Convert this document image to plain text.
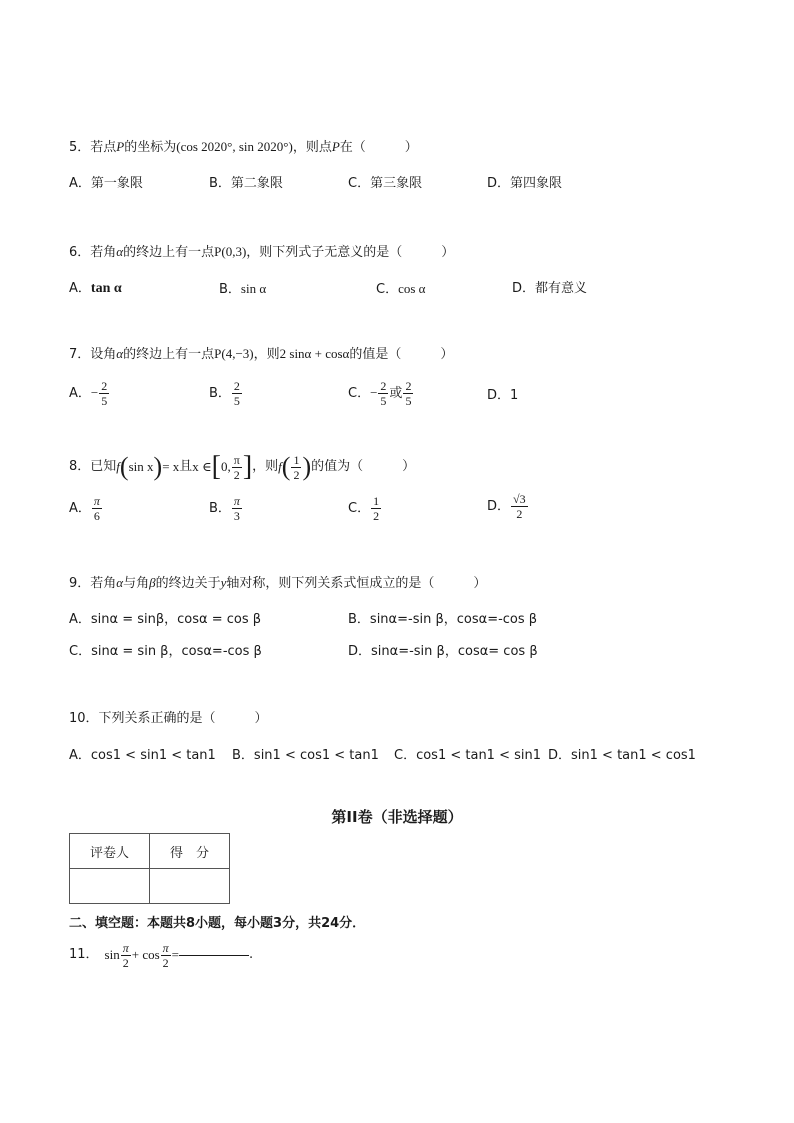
5．若点P的坐标为(cos 2020°, sin 2020°)，则点P在（　　　）
A．第一象限	B．第二象限	C．第三象限	D．第四象限
6．若角α的终边上有一点P(0,3)，则下列式子无意义的是（　　　）
A．tan α	B．sin α	C．cos α	D．都有意义
7．设角α的终边上有一点P(4,−3)，则2 sinα + cosα的值是（　　　）
A．− $\frac{2}{5}$	B． $\frac{2}{5}$	C．− $\frac{2}{5}$ 或 $\frac{2}{5}$	D．1
8． 已知 f ( sin x ) = x 且 x ∈ [ 0, $\frac{\pi}{2}$ ] ，则 f ( $\frac{1}{2}$ ) 的值为（　　　）
A． $\frac{\pi}{6}$	B． $\frac{\pi}{3}$	C． $\frac{1}{2}$	D． $\frac{√3}{2}$
9．若角α与角β的终边关于y轴对称，则下列关系式恒成立的是（　　　）
A．sinα = sinβ，cosα = cos β	B．sinα=-sin β，cosα=-cos β
C．sinα = sin β，cosα=-cos β	D．sinα=-sin β，cosα= cos β
10．下列关系正确的是（　　　）
A．cos1 < sin1 < tan1 B．sin1 < cos1 < tan1 C．cos1 < tan1 < sin1 D．sin1 < tan1 < cos1
第II卷（非选择题）
评卷人	得　分

二、填空题：本题共8小题，每小题3分，共24分．
11． $\sin \frac{\pi}{2} + \cos \frac{\pi}{2}$ =	.
